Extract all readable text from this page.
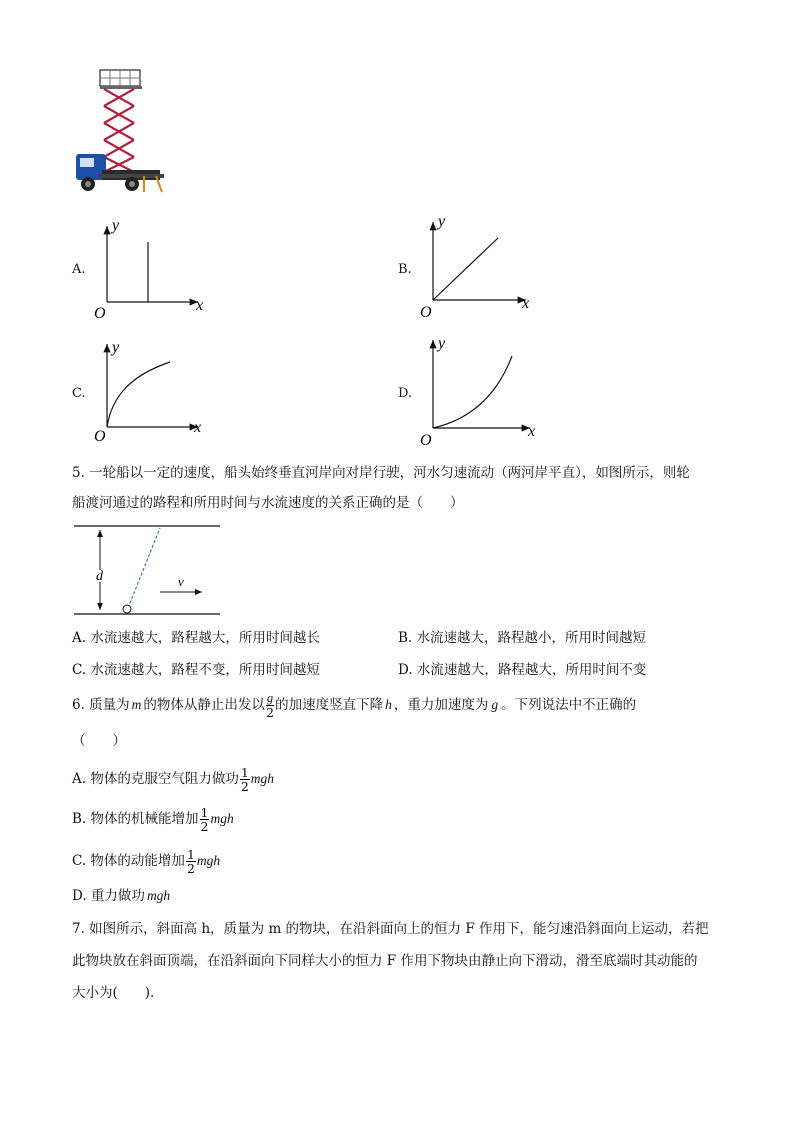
A.
y
x
O
B.
y
x
O
C.
y
x
O
D.
y
x
O
5. 一轮船以一定的速度，船头始终垂直河岸向对岸行驶，河水匀速流动（两河岸平直），如图所示，则轮
船渡河通过的路程和所用时间与水流速度的关系正确的是（　　）
d	v
A. 水流速越大，路程越大，所用时间越长	B. 水流速越大，路程越小，所用时间越短
C. 水流速越大，路程不变，所用时间越短	D. 水流速越大，路程越大，所用时间不变
6. 质量为 m 的物体从静止出发以 $\frac{g}{2}$ 的加速度竖直下降 h ，重力加速度为 g 。下列说法中不正确的
（　　）
A. 物体的克服空气阻力做功 $\frac{1}{2}$ mgh
B. 物体的机械能增加 $\frac{1}{2}$ mgh
C. 物体的动能增加 $\frac{1}{2}$ mgh
D. 重力做功 mgh
7. 如图所示，斜面高 h，质量为 m 的物块，在沿斜面向上的恒力 F 作用下，能匀速沿斜面向上运动，若把
此物块放在斜面顶端，在沿斜面向下同样大小的恒力 F 作用下物块由静止向下滑动，滑至底端时其动能的
大小为(　　).
